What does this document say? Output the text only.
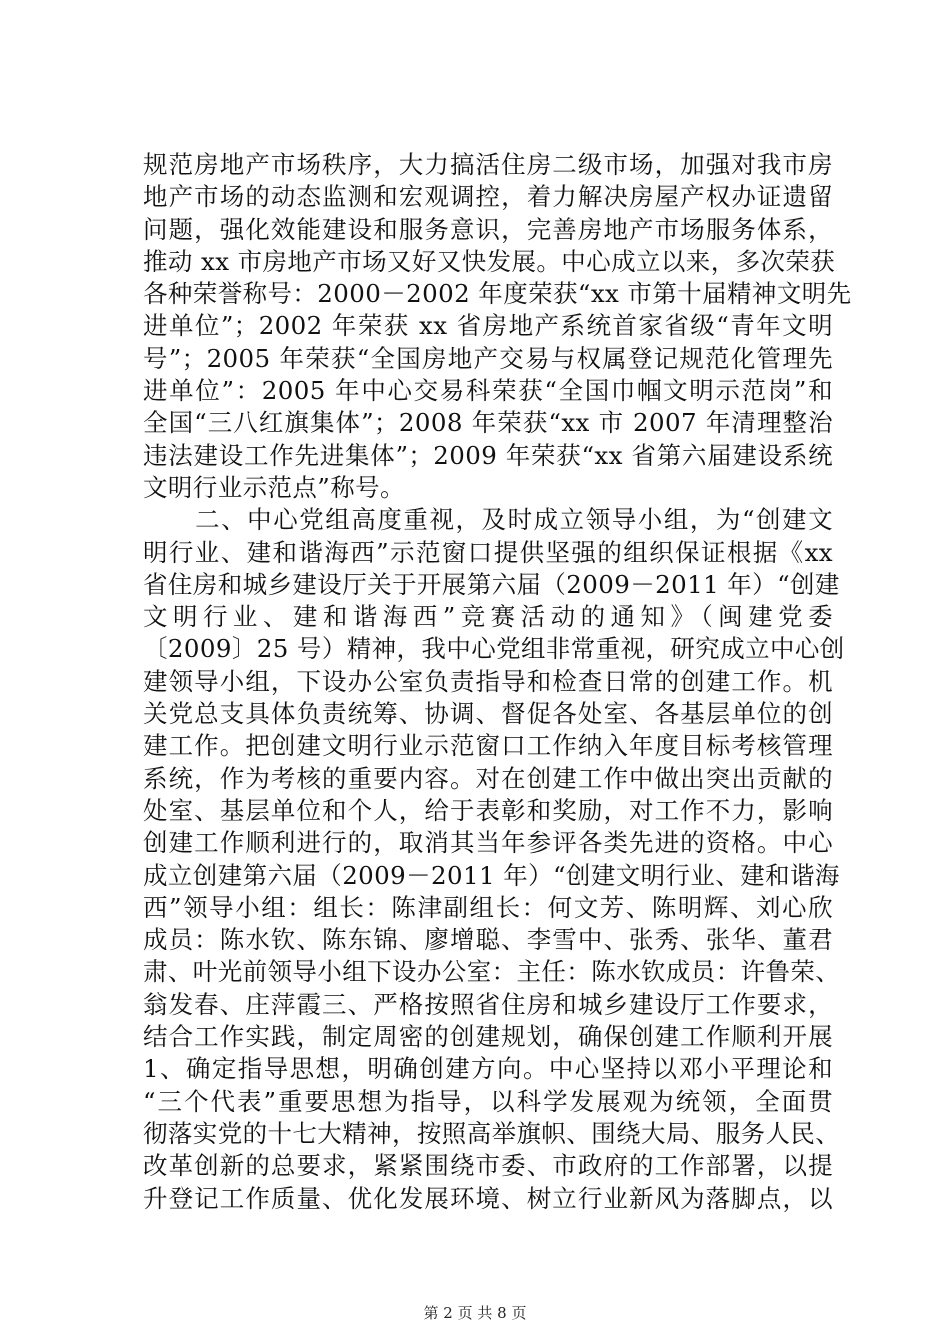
规范房地产市场秩序，大力搞活住房二级市场，加强对我市房
地产市场的动态监测和宏观调控，着力解决房屋产权办证遗留
问题，强化效能建设和服务意识，完善房地产市场服务体系，
推动 xx 市房地产市场又好又快发展。中心成立以来，多次荣获
各种荣誉称号：2000－2002 年度荣获“xx 市第十届精神文明先
进单位”；2002 年荣获 xx 省房地产系统首家省级“青年文明
号”；2005 年荣获“全国房地产交易与权属登记规范化管理先
进单位”：2005 年中心交易科荣获“全国巾帼文明示范岗”和
全国“三八红旗集体”；2008 年荣获“xx 市 2007 年清理整治
违法建设工作先进集体”；2009 年荣获“xx 省第六届建设系统
文明行业示范点”称号。
　　二、中心党组高度重视，及时成立领导小组，为“创建文
明行业、建和谐海西”示范窗口提供坚强的组织保证根据《xx
省住房和城乡建设厅关于开展第六届（2009－2011 年）“创建
文明行业、建和谐海西”竞赛活动的通知》（闽建党委
〔2009〕25 号）精神，我中心党组非常重视，研究成立中心创
建领导小组，下设办公室负责指导和检查日常的创建工作。机
关党总支具体负责统筹、协调、督促各处室、各基层单位的创
建工作。把创建文明行业示范窗口工作纳入年度目标考核管理
系统，作为考核的重要内容。对在创建工作中做出突出贡献的
处室、基层单位和个人，给于表彰和奖励，对工作不力，影响
创建工作顺利进行的，取消其当年参评各类先进的资格。中心
成立创建第六届（2009－2011 年）“创建文明行业、建和谐海
西”领导小组：组长：陈津副组长：何文芳、陈明辉、刘心欣
成员：陈水钦、陈东锦、廖增聪、李雪中、张秀、张华、董君
肃、叶光前领导小组下设办公室：主任：陈水钦成员：许鲁荣、
翁发春、庄萍霞三、严格按照省住房和城乡建设厅工作要求，
结合工作实践，制定周密的创建规划，确保创建工作顺利开展
1、确定指导思想，明确创建方向。中心坚持以邓小平理论和
“三个代表”重要思想为指导，以科学发展观为统领，全面贯
彻落实党的十七大精神，按照高举旗帜、围绕大局、服务人民、
改革创新的总要求，紧紧围绕市委、市政府的工作部署，以提
升登记工作质量、优化发展环境、树立行业新风为落脚点，以
第 2 页 共 8 页
